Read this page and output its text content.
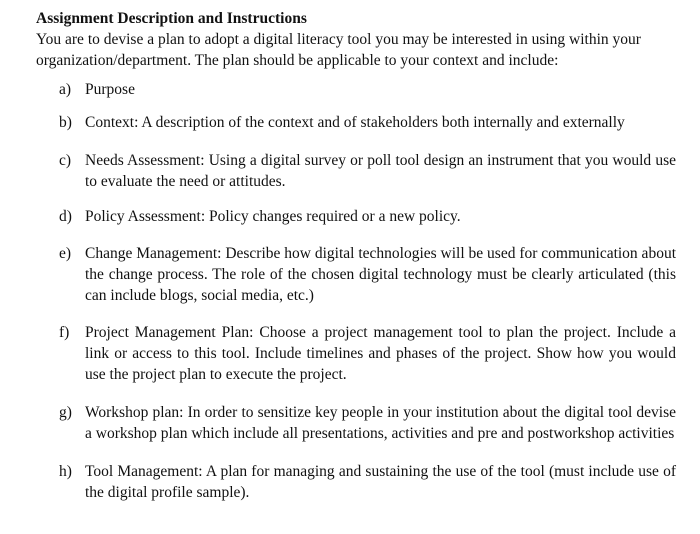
Assignment Description and Instructions

You are to devise a plan to adopt a digital literacy tool you may be interested in using within your organization/department. The plan should be applicable to your context and include:

a) Purpose
b) Context: A description of the context and of stakeholders both internally and externally
c) Needs Assessment: Using a digital survey or poll tool design an instrument that you would use to evaluate the need or attitudes.
d) Policy Assessment: Policy changes required or a new policy.
e) Change Management: Describe how digital technologies will be used for communication about the change process. The role of the chosen digital technology must be clearly articulated (this can include blogs, social media, etc.)
f) Project Management Plan: Choose a project management tool to plan the project. Include a link or access to this tool. Include timelines and phases of the project. Show how you would use the project plan to execute the project.
g) Workshop plan: In order to sensitize key people in your institution about the digital tool devise a workshop plan which include all presentations, activities and pre and postworkshop activities
h) Tool Management: A plan for managing and sustaining the use of the tool (must include use of the digital profile sample).
